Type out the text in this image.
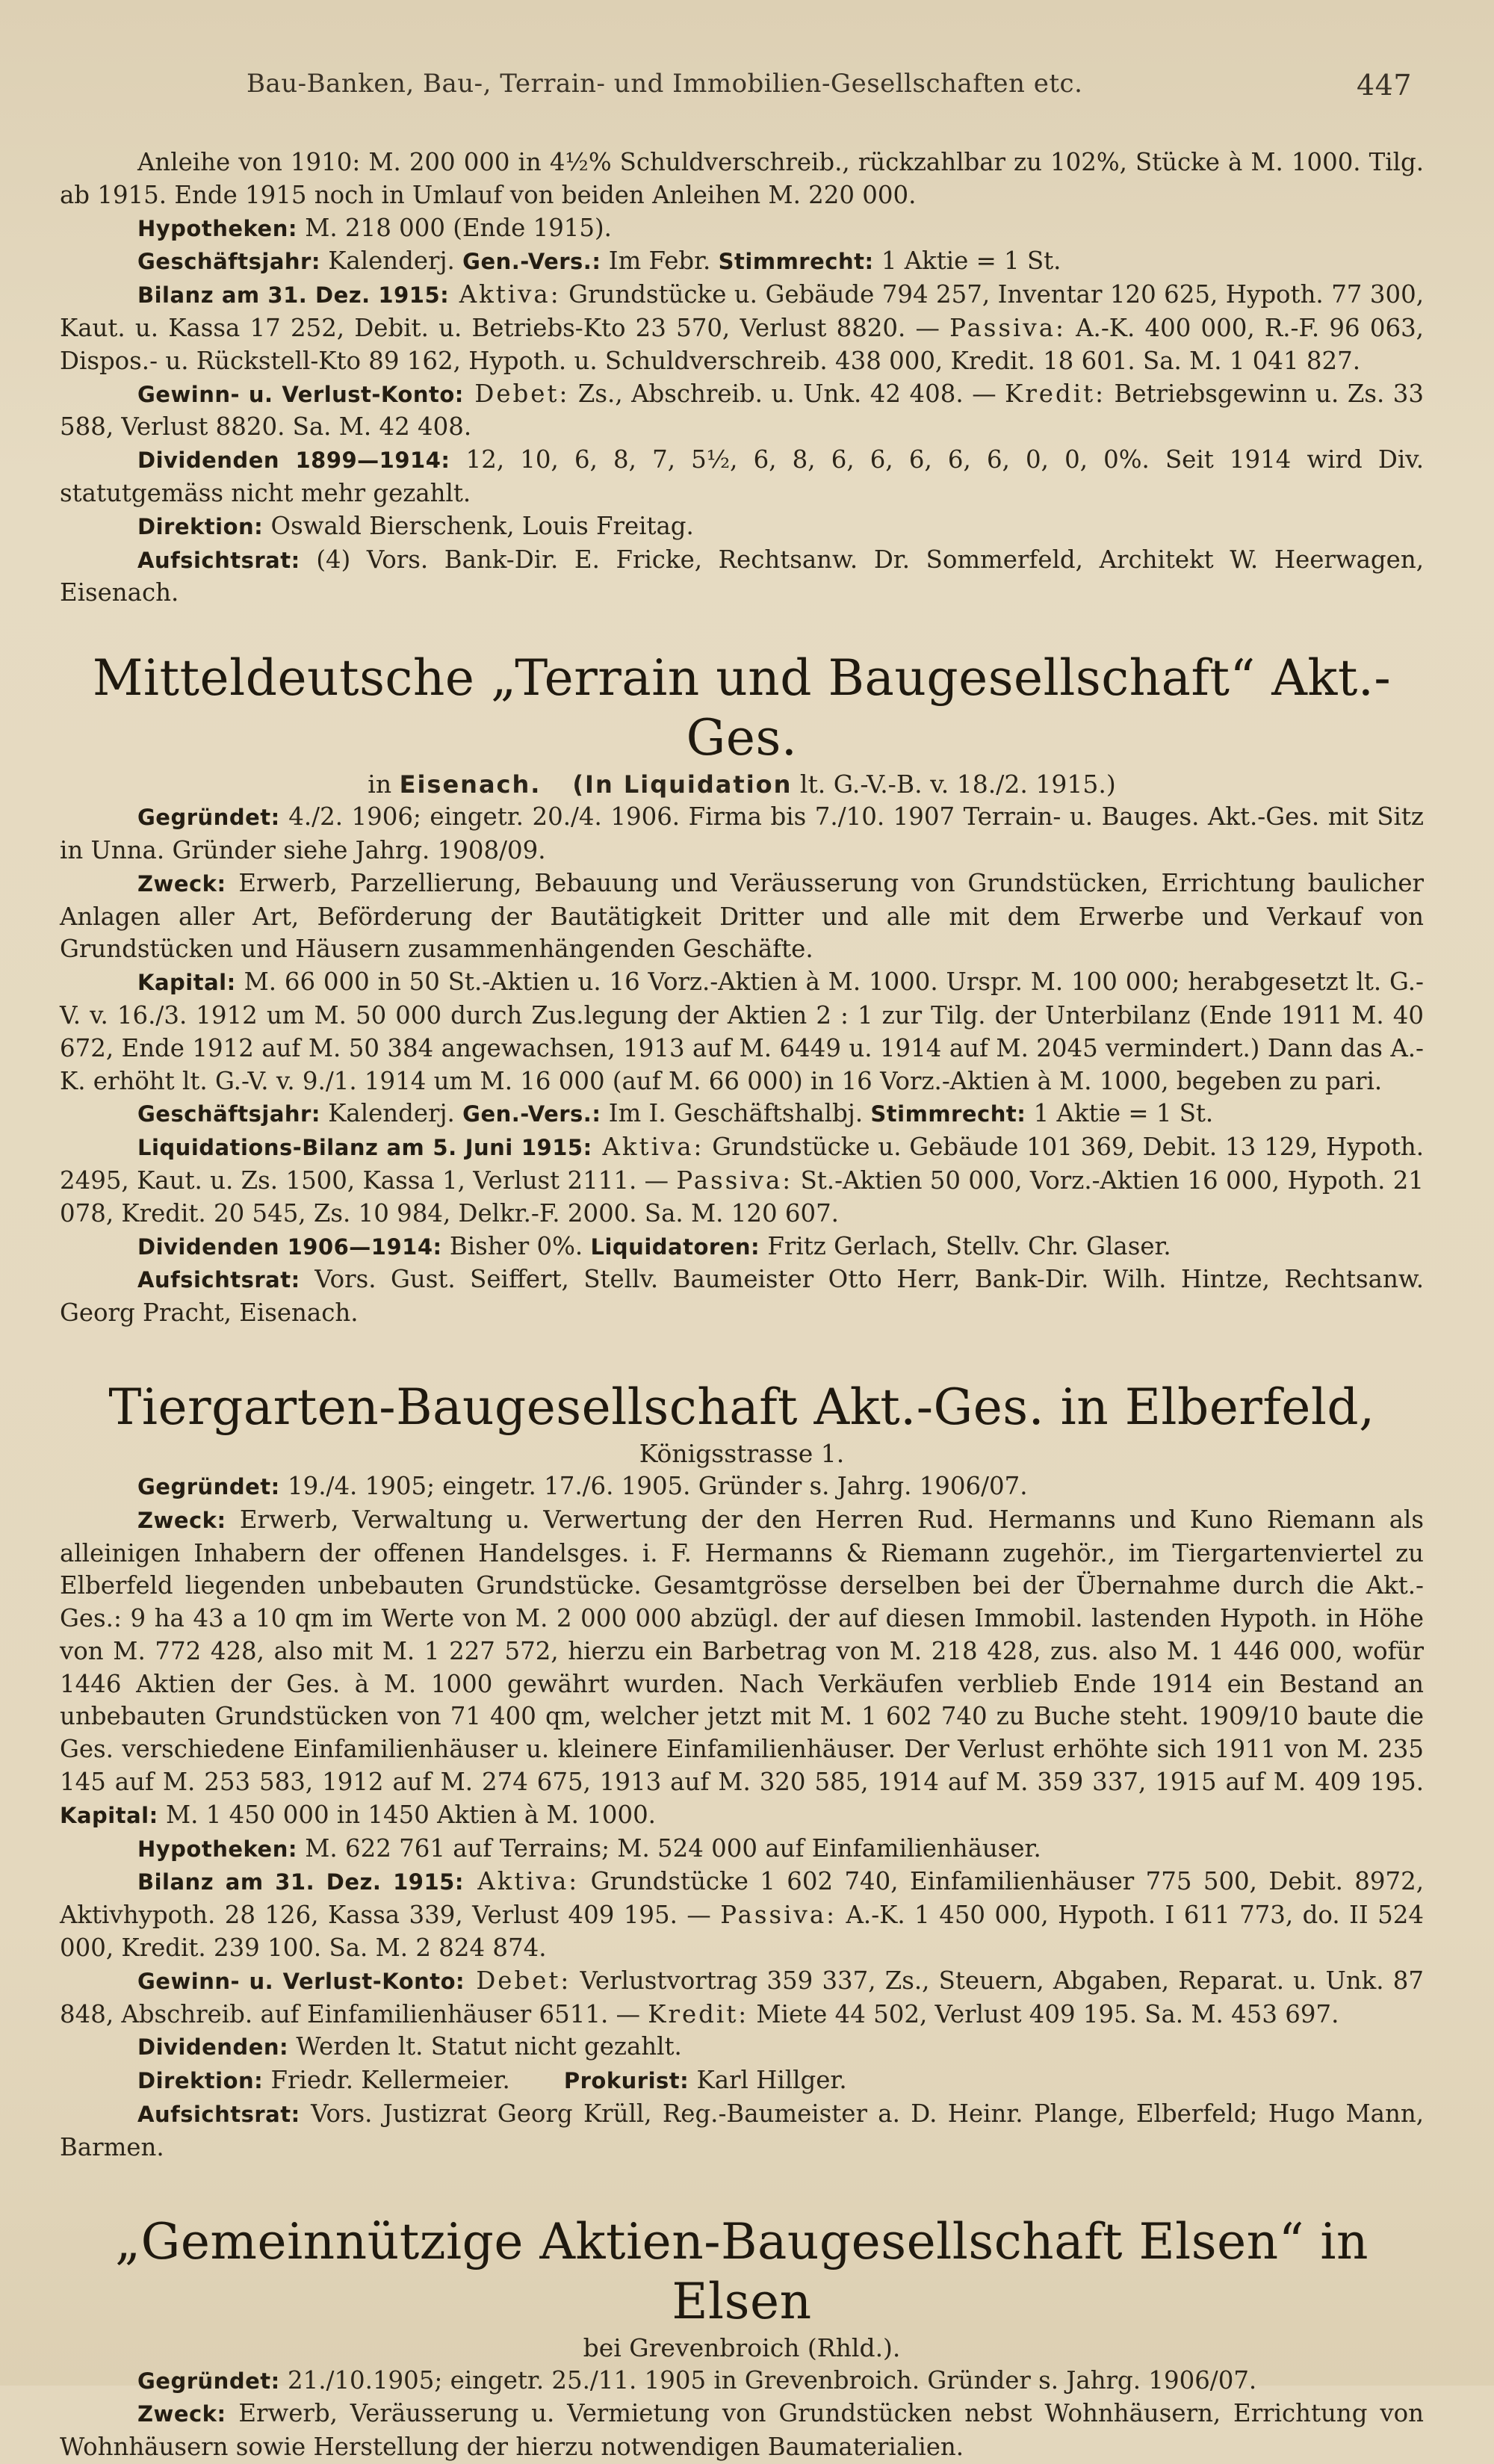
Bau-Banken, Bau-, Terrain- und Immobilien-Gesellschaften etc.	447

Anleihe von 1910: M. 200 000 in 4½% Schuldverschreib., rückzahlbar zu 102%, Stücke à M. 1000. Tilg. ab 1915. Ende 1915 noch in Umlauf von beiden Anleihen M. 220 000.

Hypotheken: M. 218 000 (Ende 1915).

Geschäftsjahr: Kalenderj. Gen.-Vers.: Im Febr. Stimmrecht: 1 Aktie = 1 St.

Bilanz am 31. Dez. 1915: Aktiva: Grundstücke u. Gebäude 794 257, Inventar 120 625, Hypoth. 77 300, Kaut. u. Kassa 17 252, Debit. u. Betriebs-Kto 23 570, Verlust 8820. — Passiva: A.-K. 400 000, R.-F. 96 063, Dispos.- u. Rückstell-Kto 89 162, Hypoth. u. Schuldverschreib. 438 000, Kredit. 18 601. Sa. M. 1 041 827.

Gewinn- u. Verlust-Konto: Debet: Zs., Abschreib. u. Unk. 42 408. — Kredit: Betriebsgewinn u. Zs. 33 588, Verlust 8820. Sa. M. 42 408.

Dividenden 1899—1914: 12, 10, 6, 8, 7, 5½, 6, 8, 6, 6, 6, 6, 6, 0, 0, 0%. Seit 1914 wird Div. statutgemäss nicht mehr gezahlt.

Direktion: Oswald Bierschenk, Louis Freitag.

Aufsichtsrat: (4) Vors. Bank-Dir. E. Fricke, Rechtsanw. Dr. Sommerfeld, Architekt W. Heerwagen, Eisenach.

Mitteldeutsche „Terrain und Baugesellschaft“ Akt.-Ges.
in Eisenach. (In Liquidation lt. G.-V.-B. v. 18./2. 1915.)

Gegründet: 4./2. 1906; eingetr. 20./4. 1906. Firma bis 7./10. 1907 Terrain- u. Bauges. Akt.-Ges. mit Sitz in Unna. Gründer siehe Jahrg. 1908/09.

Zweck: Erwerb, Parzellierung, Bebauung und Veräusserung von Grundstücken, Errichtung baulicher Anlagen aller Art, Beförderung der Bautätigkeit Dritter und alle mit dem Erwerbe und Verkauf von Grundstücken und Häusern zusammenhängenden Geschäfte.

Kapital: M. 66 000 in 50 St.-Aktien u. 16 Vorz.-Aktien à M. 1000. Urspr. M. 100 000; herabgesetzt lt. G.-V. v. 16./3. 1912 um M. 50 000 durch Zus.legung der Aktien 2 : 1 zur Tilg. der Unterbilanz (Ende 1911 M. 40 672, Ende 1912 auf M. 50 384 angewachsen, 1913 auf M. 6449 u. 1914 auf M. 2045 vermindert.) Dann das A.-K. erhöht lt. G.-V. v. 9./1. 1914 um M. 16 000 (auf M. 66 000) in 16 Vorz.-Aktien à M. 1000, begeben zu pari.

Geschäftsjahr: Kalenderj. Gen.-Vers.: Im I. Geschäftshalbj. Stimmrecht: 1 Aktie = 1 St.

Liquidations-Bilanz am 5. Juni 1915: Aktiva: Grundstücke u. Gebäude 101 369, Debit. 13 129, Hypoth. 2495, Kaut. u. Zs. 1500, Kassa 1, Verlust 2111. — Passiva: St.-Aktien 50 000, Vorz.-Aktien 16 000, Hypoth. 21 078, Kredit. 20 545, Zs. 10 984, Delkr.-F. 2000. Sa. M. 120 607.

Dividenden 1906—1914: Bisher 0%. Liquidatoren: Fritz Gerlach, Stellv. Chr. Glaser.

Aufsichtsrat: Vors. Gust. Seiffert, Stellv. Baumeister Otto Herr, Bank-Dir. Wilh. Hintze, Rechtsanw. Georg Pracht, Eisenach.

Tiergarten-Baugesellschaft Akt.-Ges. in Elberfeld,
Königsstrasse 1.

Gegründet: 19./4. 1905; eingetr. 17./6. 1905. Gründer s. Jahrg. 1906/07.

Zweck: Erwerb, Verwaltung u. Verwertung der den Herren Rud. Hermanns und Kuno Riemann als alleinigen Inhabern der offenen Handelsges. i. F. Hermanns & Riemann zugehör., im Tiergartenviertel zu Elberfeld liegenden unbebauten Grundstücke. Gesamtgrösse derselben bei der Übernahme durch die Akt.-Ges.: 9 ha 43 a 10 qm im Werte von M. 2 000 000 abzügl. der auf diesen Immobil. lastenden Hypoth. in Höhe von M. 772 428, also mit M. 1 227 572, hierzu ein Barbetrag von M. 218 428, zus. also M. 1 446 000, wofür 1446 Aktien der Ges. à M. 1000 gewährt wurden. Nach Verkäufen verblieb Ende 1914 ein Bestand an unbebauten Grundstücken von 71 400 qm, welcher jetzt mit M. 1 602 740 zu Buche steht. 1909/10 baute die Ges. verschiedene Einfamilienhäuser u. kleinere Einfamilienhäuser. Der Verlust erhöhte sich 1911 von M. 235 145 auf M. 253 583, 1912 auf M. 274 675, 1913 auf M. 320 585, 1914 auf M. 359 337, 1915 auf M. 409 195. Kapital: M. 1 450 000 in 1450 Aktien à M. 1000.

Hypotheken: M. 622 761 auf Terrains; M. 524 000 auf Einfamilienhäuser.

Bilanz am 31. Dez. 1915: Aktiva: Grundstücke 1 602 740, Einfamilienhäuser 775 500, Debit. 8972, Aktivhypoth. 28 126, Kassa 339, Verlust 409 195. — Passiva: A.-K. 1 450 000, Hypoth. I 611 773, do. II 524 000, Kredit. 239 100. Sa. M. 2 824 874.

Gewinn- u. Verlust-Konto: Debet: Verlustvortrag 359 337, Zs., Steuern, Abgaben, Reparat. u. Unk. 87 848, Abschreib. auf Einfamilienhäuser 6511. — Kredit: Miete 44 502, Verlust 409 195. Sa. M. 453 697.

Dividenden: Werden lt. Statut nicht gezahlt.

Direktion: Friedr. Kellermeier.       Prokurist: Karl Hillger.

Aufsichtsrat: Vors. Justizrat Georg Krüll, Reg.-Baumeister a. D. Heinr. Plange, Elberfeld; Hugo Mann, Barmen.

„Gemeinnützige Aktien-Baugesellschaft Elsen“ in Elsen
bei Grevenbroich (Rhld.).

Gegründet: 21./10.1905; eingetr. 25./11. 1905 in Grevenbroich. Gründer s. Jahrg. 1906/07.

Zweck: Erwerb, Veräusserung u. Vermietung von Grundstücken nebst Wohnhäusern, Errichtung von Wohnhäusern sowie Herstellung der hierzu notwendigen Baumaterialien.
